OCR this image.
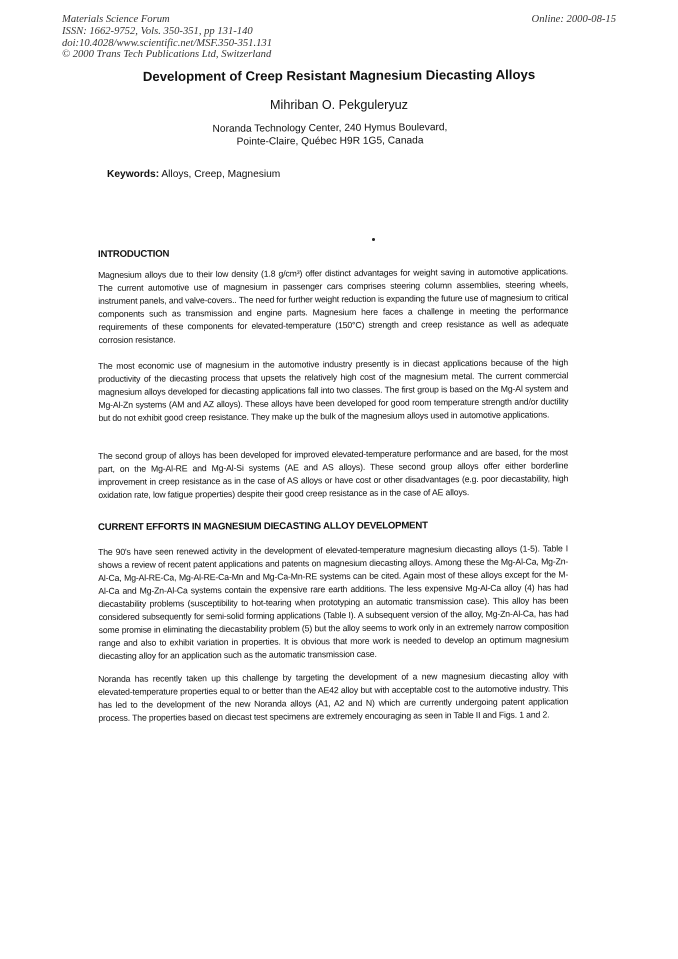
Materials Science Forum
ISSN: 1662-9752, Vols. 350-351, pp 131-140
doi:10.4028/www.scientific.net/MSF.350-351.131
© 2000 Trans Tech Publications Ltd, Switzerland
Online: 2000-08-15
Development of Creep Resistant Magnesium Diecasting Alloys
Mihriban O. Pekguleryuz
Noranda Technology Center, 240 Hymus Boulevard,
Pointe-Claire, Québec H9R 1G5, Canada
Keywords: Alloys, Creep, Magnesium
INTRODUCTION

Magnesium alloys due to their low density (1.8 g/cm³) offer distinct advantages for weight saving in automotive applications. The current automotive use of magnesium in passenger cars comprises steering column assemblies, steering wheels, instrument panels, and valve-covers.. The need for further weight reduction is expanding the future use of magnesium to critical components such as transmission and engine parts. Magnesium here faces a challenge in meeting the performance requirements of these components for elevated-temperature (150°C) strength and creep resistance as well as adequate corrosion resistance.

The most economic use of magnesium in the automotive industry presently is in diecast applications because of the high productivity of the diecasting process that upsets the relatively high cost of the magnesium metal. The current commercial magnesium alloys developed for diecasting applications fall into two classes. The first group is based on the Mg-Al system and Mg-Al-Zn systems (AM and AZ alloys). These alloys have been developed for good room temperature strength and/or ductility but do not exhibit good creep resistance. They make up the bulk of the magnesium alloys used in automotive applications.

The second group of alloys has been developed for improved elevated-temperature performance and are based, for the most part, on the Mg-Al-RE and Mg-Al-Si systems (AE and AS alloys). These second group alloys offer either borderline improvement in creep resistance as in the case of AS alloys or have cost or other disadvantages (e.g. poor diecastability, high oxidation rate, low fatigue properties) despite their good creep resistance as in the case of AE alloys.

CURRENT EFFORTS IN MAGNESIUM DIECASTING ALLOY DEVELOPMENT

The 90's have seen renewed activity in the development of elevated-temperature magnesium diecasting alloys (1-5). Table I shows a review of recent patent applications and patents on magnesium diecasting alloys. Among these the Mg-Al-Ca, Mg-Zn-Al-Ca, Mg-Al-RE-Ca, Mg-Al-RE-Ca-Mn and Mg-Ca-Mn-RE systems can be cited. Again most of these alloys except for the M-Al-Ca and Mg-Zn-Al-Ca systems contain the expensive rare earth additions. The less expensive Mg-Al-Ca alloy (4) has had diecastability problems (susceptibility to hot-tearing when prototyping an automatic transmission case). This alloy has been considered subsequently for semi-solid forming applications (Table I). A subsequent version of the alloy, Mg-Zn-Al-Ca, has had some promise in eliminating the diecastability problem (5) but the alloy seems to work only in an extremely narrow composition range and also to exhibit variation in properties. It is obvious that more work is needed to develop an optimum magnesium diecasting alloy for an application such as the automatic transmission case.

Noranda has recently taken up this challenge by targeting the development of a new magnesium diecasting alloy with elevated-temperature properties equal to or better than the AE42 alloy but with acceptable cost to the automotive industry. This has led to the development of the new Noranda alloys (A1, A2 and N) which are currently undergoing patent application process. The properties based on diecast test specimens are extremely encouraging as seen in Table II and Figs. 1 and 2.
